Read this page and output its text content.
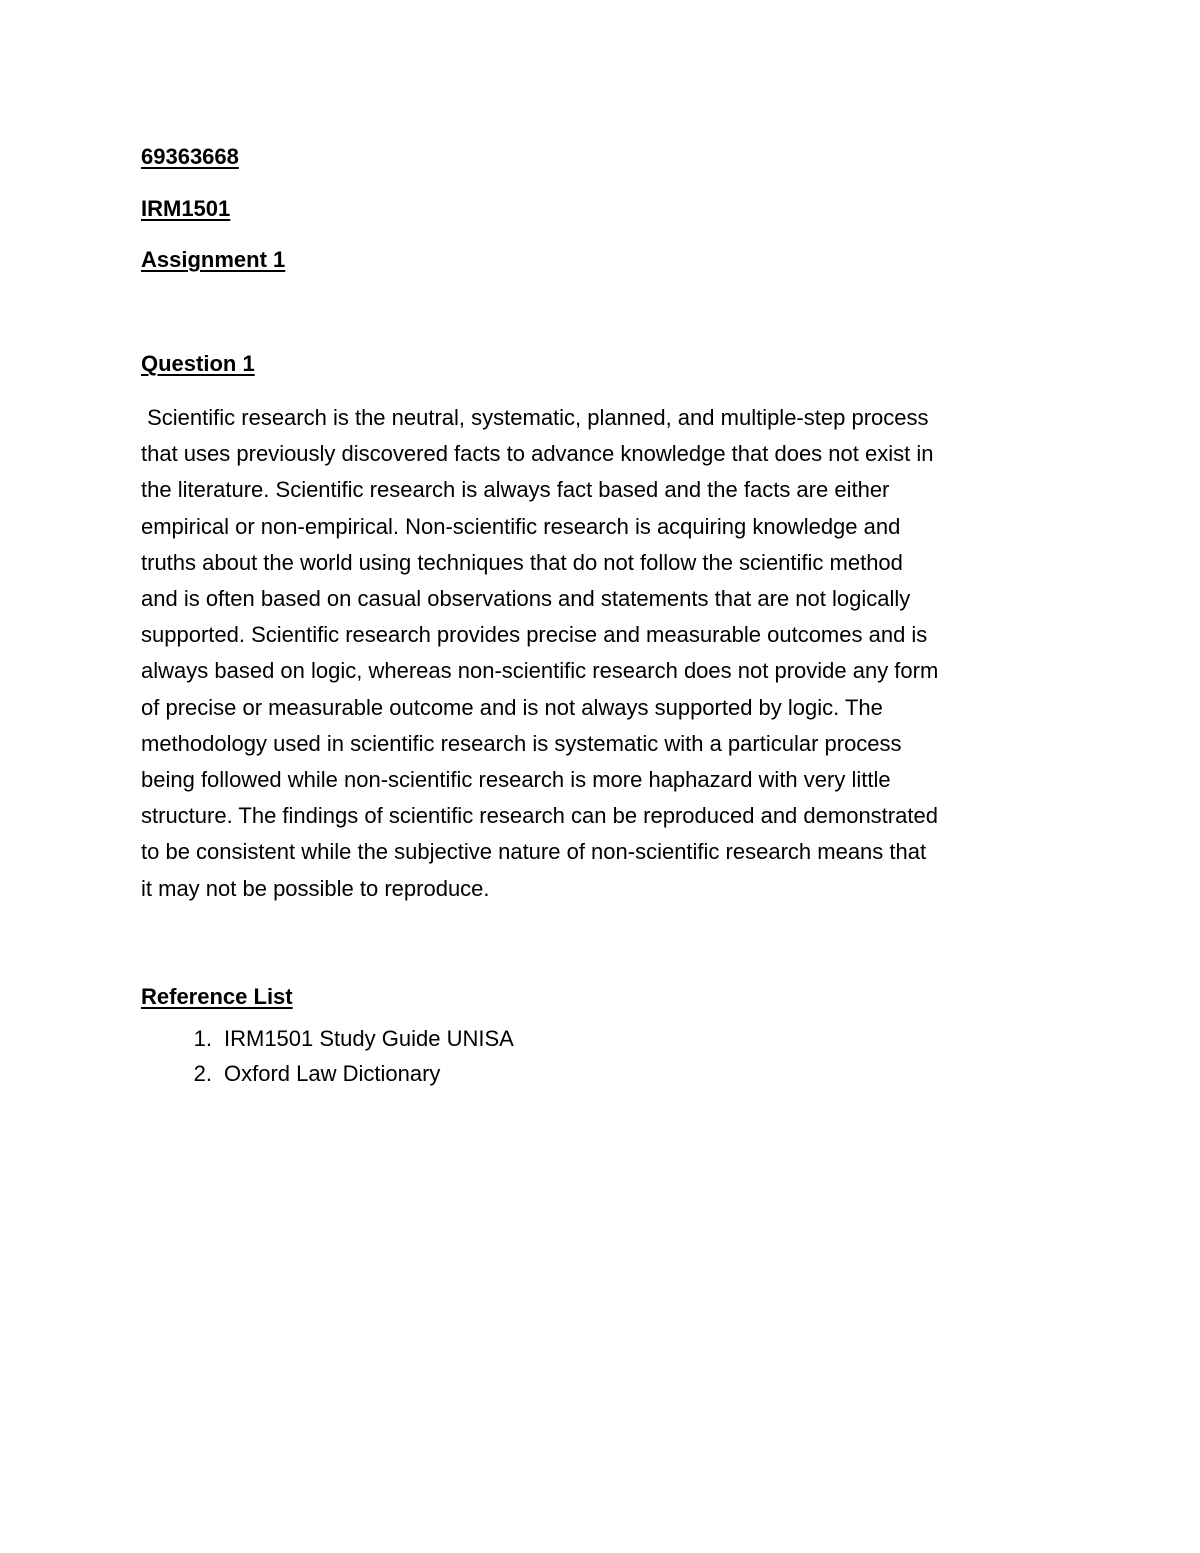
69363668

IRM1501

Assignment 1

Question 1

Scientific research is the neutral, systematic, planned, and multiple-step process
that uses previously discovered facts to advance knowledge that does not exist in
the literature. Scientific research is always fact based and the facts are either
empirical or non-empirical. Non-scientific research is acquiring knowledge and
truths about the world using techniques that do not follow the scientific method
and is often based on casual observations and statements that are not logically
supported. Scientific research provides precise and measurable outcomes and is
always based on logic, whereas non-scientific research does not provide any form
of precise or measurable outcome and is not always supported by logic. The
methodology used in scientific research is systematic with a particular process
being followed while non-scientific research is more haphazard with very little
structure. The findings of scientific research can be reproduced and demonstrated
to be consistent while the subjective nature of non-scientific research means that
it may not be possible to reproduce.

Reference List

1. IRM1501 Study Guide UNISA
2. Oxford Law Dictionary
